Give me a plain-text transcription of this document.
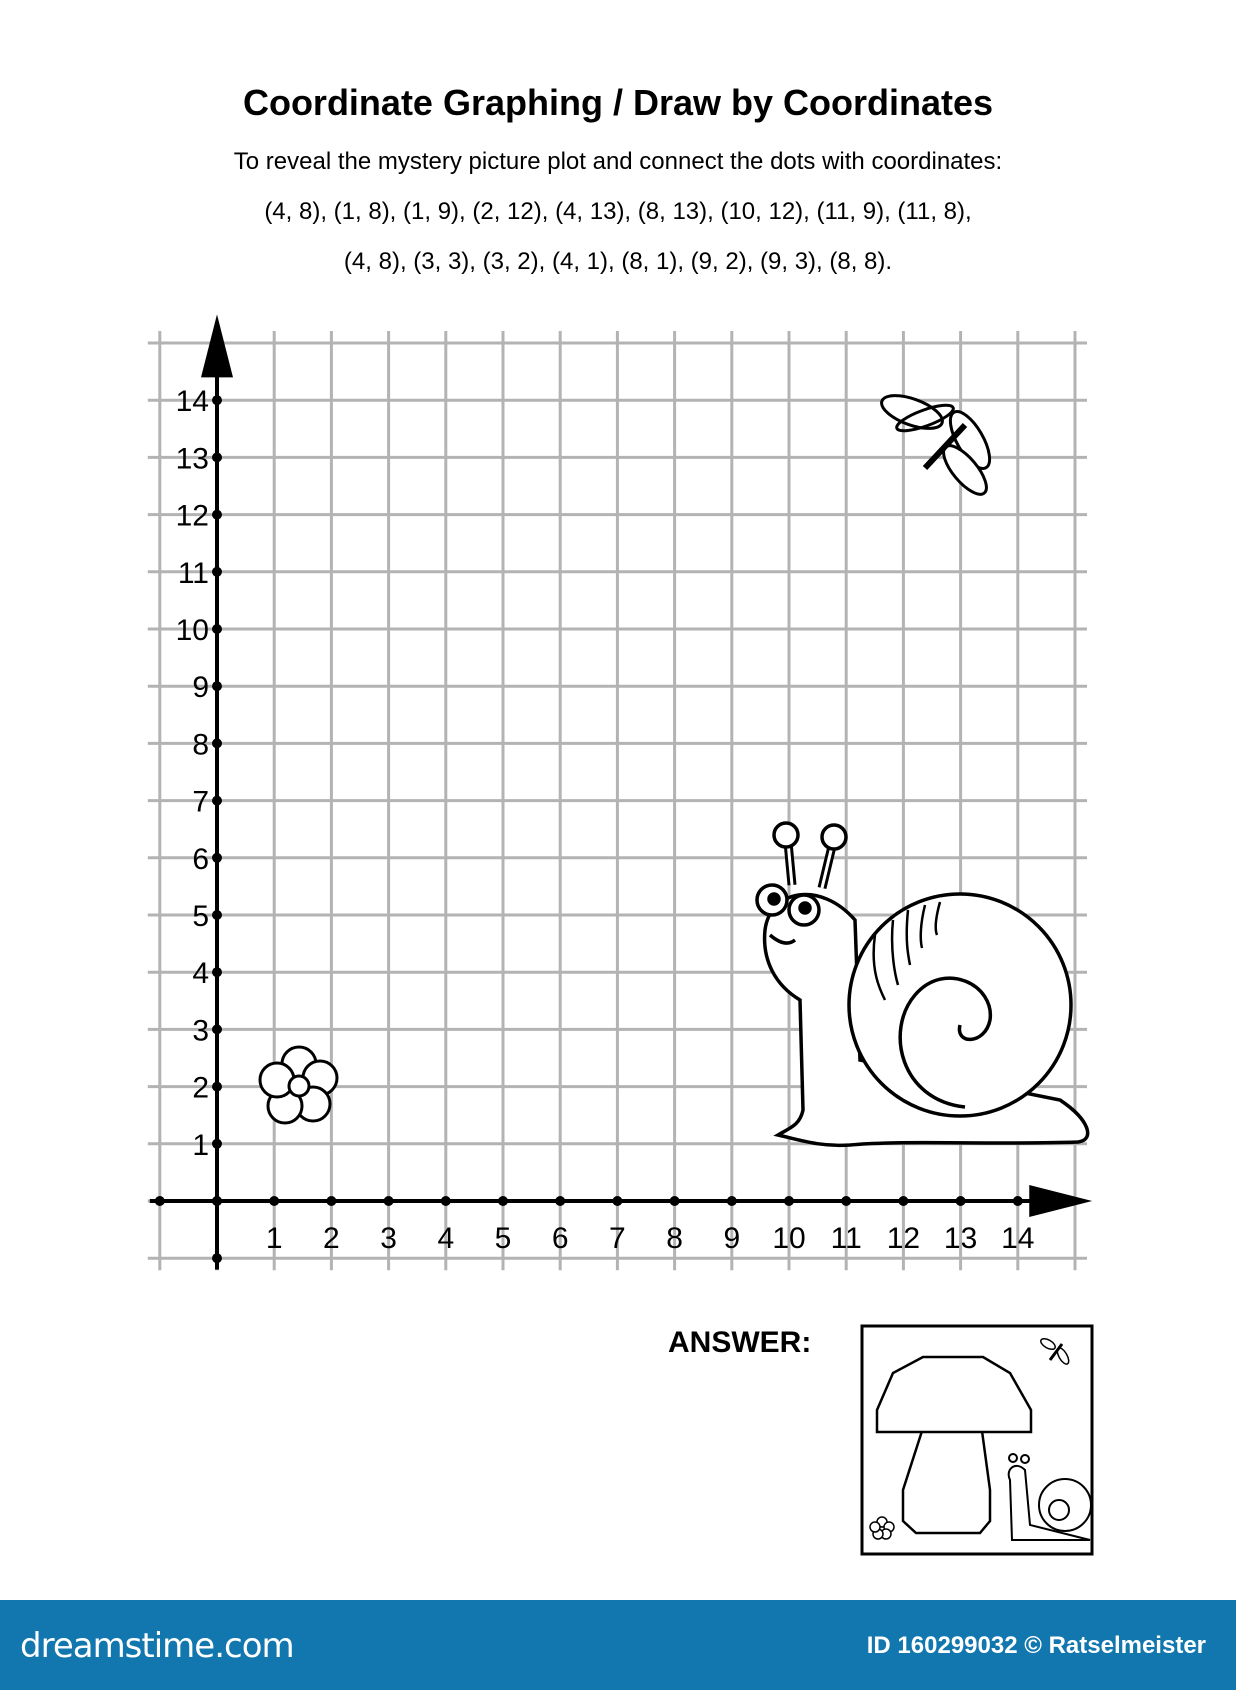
Coordinate Graphing / Draw by Coordinates
To reveal the mystery picture plot and connect the dots with coordinates:
(4, 8), (1, 8), (1, 9), (2, 12), (4, 13), (8, 13), (10, 12), (11, 9), (11, 8),
(4, 8), (3, 3), (3, 2), (4, 1), (8, 1), (9, 2), (9, 3), (8, 8).
1 2 3 4 5 6 7 8 9 10 11 12 13 14
1
2
3
4
5
6
7
8
9
10
11
12
13
14
ANSWER:
dreamstime.com	ID 160299032 © Ratselmeister
